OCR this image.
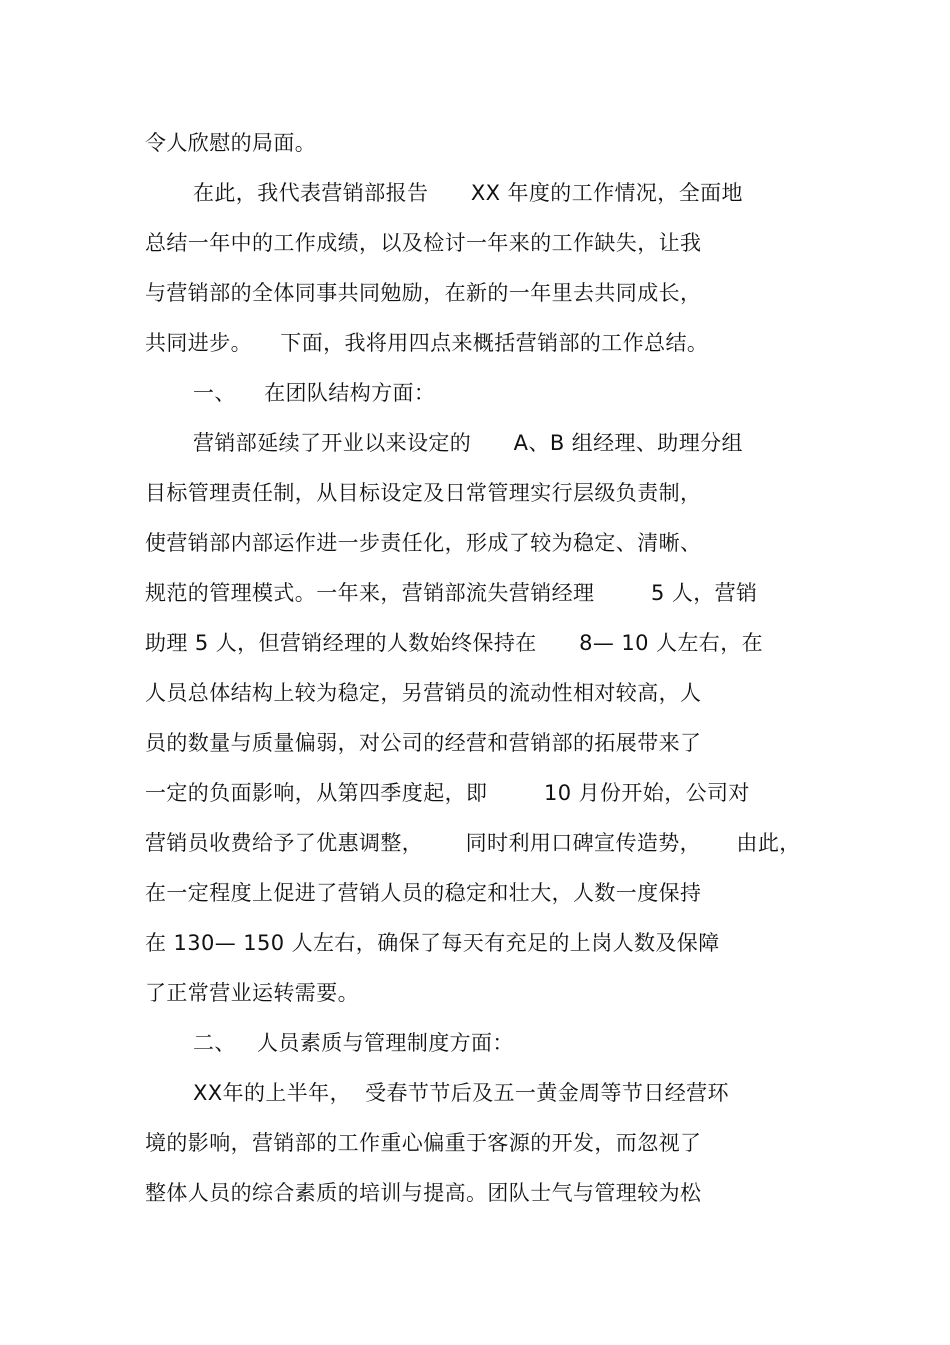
令人欣慰的局面。
在此，我代表营销部报告      XX 年度的工作情况，全面地
总结一年中的工作成绩，以及检讨一年来的工作缺失，让我
与营销部的全体同事共同勉励，在新的一年里去共同成长，
共同进步。    下面，我将用四点来概括营销部的工作总结。
一、    在团队结构方面：
营销部延续了开业以来设定的      A、B 组经理、助理分组
目标管理责任制，从目标设定及日常管理实行层级负责制，
使营销部内部运作进一步责任化，形成了较为稳定、清晰、
规范的管理模式。一年来，营销部流失营销经理        5 人，营销
助理 5 人，但营销经理的人数始终保持在      8— 10 人左右，在
人员总体结构上较为稳定，另营销员的流动性相对较高，人
员的数量与质量偏弱，对公司的经营和营销部的拓展带来了
一定的负面影响，从第四季度起，即        10 月份开始，公司对
营销员收费给予了优惠调整，      同时利用口碑宣传造势，     由此，
在一定程度上促进了营销人员的稳定和壮大，人数一度保持
在 130— 150 人左右，确保了每天有充足的上岗人数及保障
了正常营业运转需要。
二、   人员素质与管理制度方面：
XX年的上半年，  受春节节后及五一黄金周等节日经营环
境的影响，营销部的工作重心偏重于客源的开发，而忽视了
整体人员的综合素质的培训与提高。团队士气与管理较为松
